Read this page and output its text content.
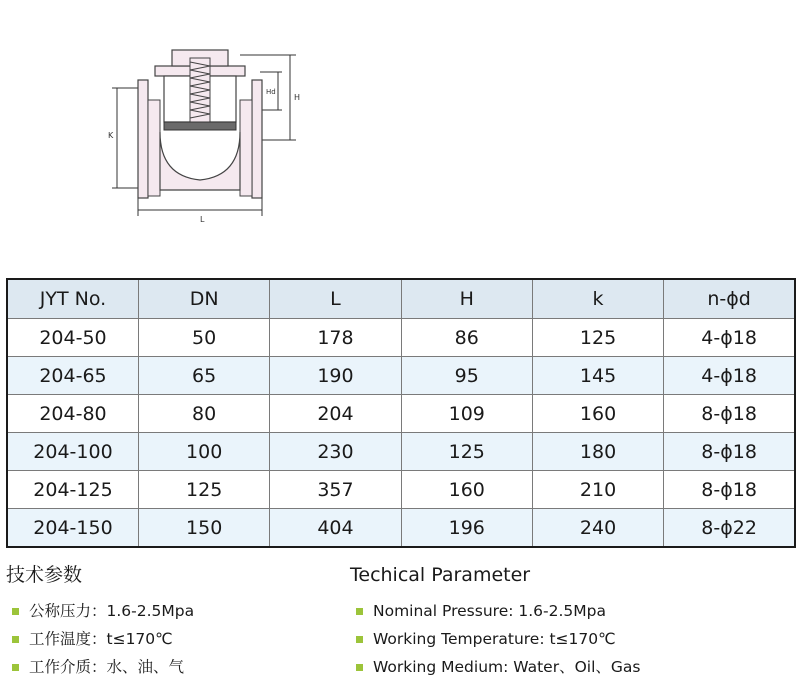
K
L
H
Hd
JYT No.	DN	L	H	k	n-ϕd
204-50	50	178	86	125	4-ϕ18
204-65	65	190	95	145	4-ϕ18
204-80	80	204	109	160	8-ϕ18
204-100	100	230	125	180	8-ϕ18
204-125	125	357	160	210	8-ϕ18
204-150	150	404	196	240	8-ϕ22
技术参数
公称压力：1.6-2.5Mpa
工作温度：t≤170℃
工作介质：水、油、气
Techical Parameter
Nominal Pressure: 1.6-2.5Mpa
Working Temperature: t≤170℃
Working Medium: Water、Oil、Gas
